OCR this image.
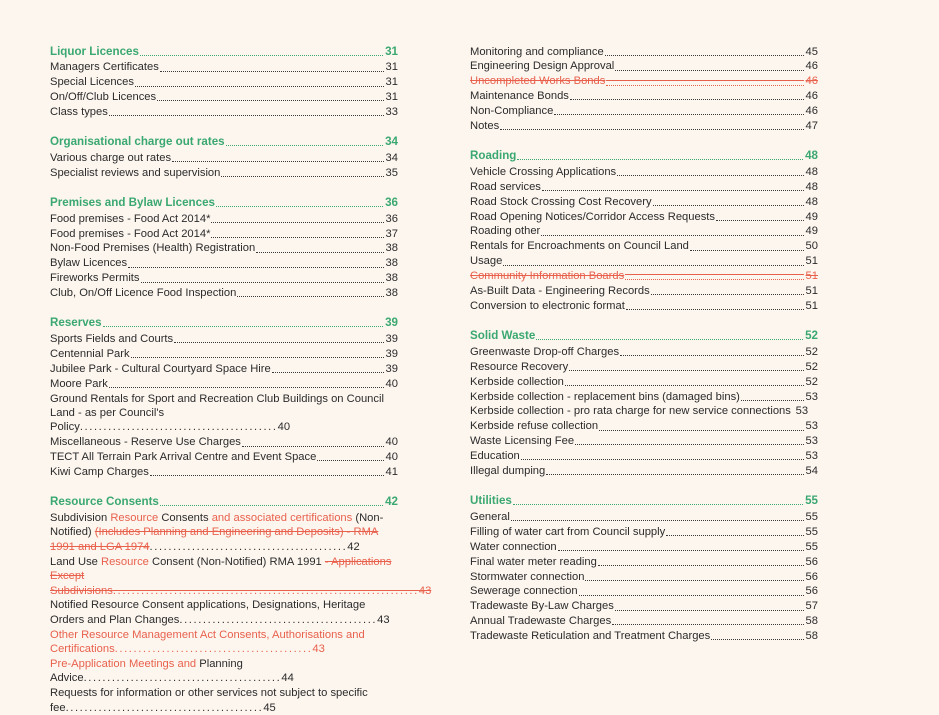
Liquor Licences	31
Managers Certificates	31
Special Licences	31
On/Off/Club Licences	31
Class types	33
Organisational charge out rates	34
Various charge out rates	34
Specialist reviews and supervision	35
Premises and Bylaw Licences	36
Food premises - Food Act 2014*	36
Food premises - Food Act 2014*	37
Non-Food Premises (Health) Registration	38
Bylaw Licences	38
Fireworks Permits	38
Club, On/Off Licence Food Inspection	38
Reserves	39
Sports Fields and Courts	39
Centennial Park	39
Jubilee Park - Cultural Courtyard Space Hire	39
Moore Park	40
Ground Rentals for Sport and Recreation Club Buildings on Council Land - as per Council's Policy..........................................40
Miscellaneous - Reserve Use Charges	40
TECT All Terrain Park Arrival Centre and Event Space	40
Kiwi Camp Charges	41
Resource Consents	42
Subdivision Resource Consents and associated certifications (Non-Notified) (Includes Planning and Engineering and Deposits) - RMA 1991 and LGA 1974..........................................42
Land Use Resource Consent (Non-Notified) RMA 1991 - Applications Except Subdivisions.................................................................43
Notified Resource Consent applications, Designations, Heritage Orders and Plan Changes..........................................43
Other Resource Management Act Consents, Authorisations and Certifications..........................................43
Pre-Application Meetings and Planning Advice..........................................44
Requests for information or other services not subject to specific fee..........................................45
Monitoring and compliance	45
Engineering Design Approval	46
Uncompleted Works Bonds	46
Maintenance Bonds	46
Non-Compliance	46
Notes	47
Roading	48
Vehicle Crossing Applications	48
Road services	48
Road Stock Crossing Cost Recovery	48
Road Opening Notices/Corridor Access Requests	49
Roading other	49
Rentals for Encroachments on Council Land	50
Usage	51
Community Information Boards	51
As-Built Data - Engineering Records	51
Conversion to electronic format	51
Solid Waste	52
Greenwaste Drop-off Charges	52
Resource Recovery	52
Kerbside collection	52
Kerbside collection - replacement bins (damaged bins)	53
Kerbside collection - pro rata charge for new service connections 53
Kerbside refuse collection	53
Waste Licensing Fee	53
Education	53
Illegal dumping	54
Utilities	55
General	55
Filling of water cart from Council supply	55
Water connection	55
Final water meter reading	56
Stormwater connection	56
Sewerage connection	56
Tradewaste By-Law Charges	57
Annual Tradewaste Charges	58
Tradewaste Reticulation and Treatment Charges	58
